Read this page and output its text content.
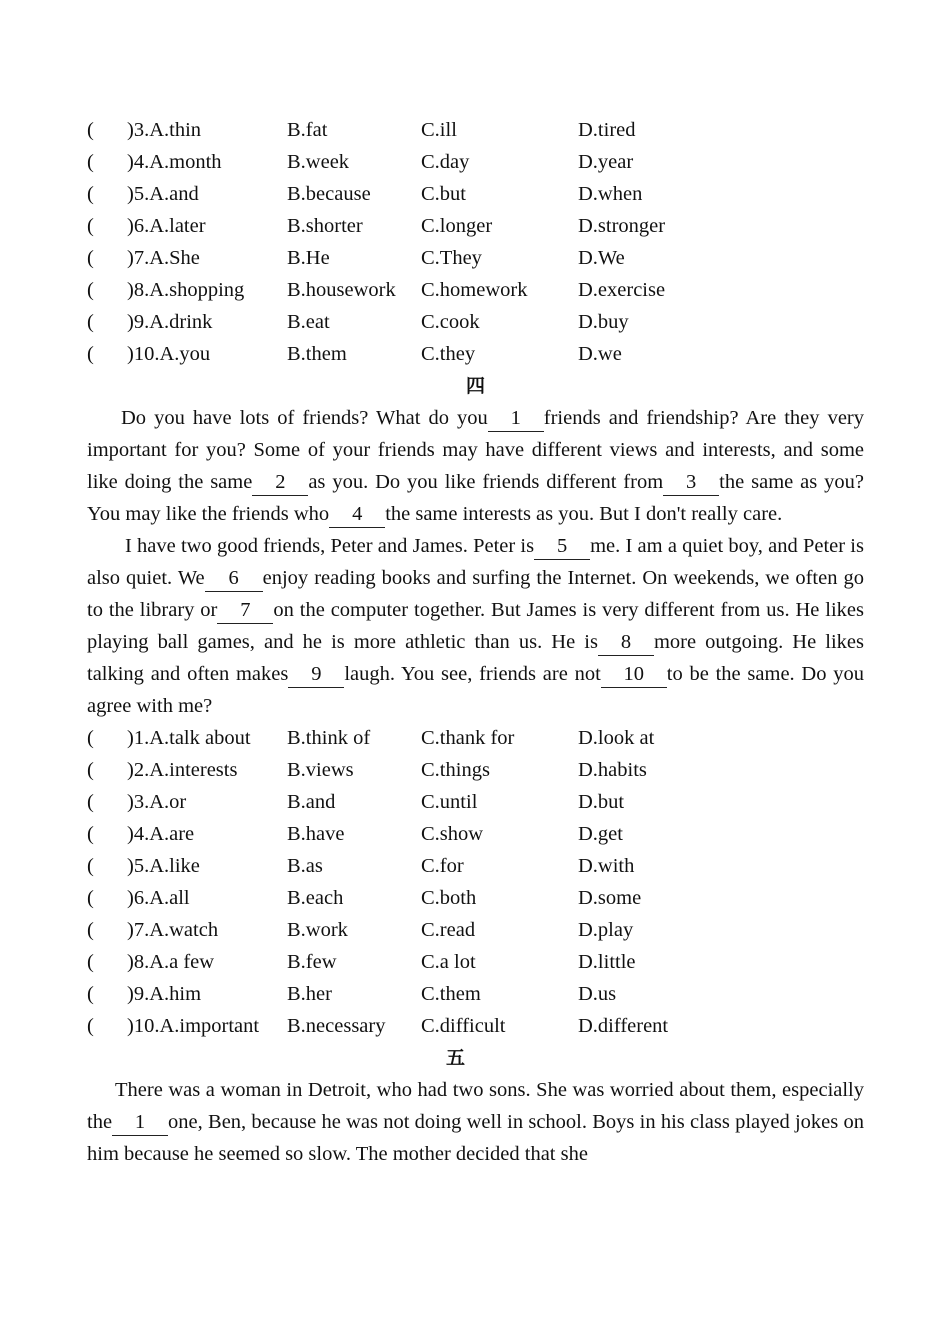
(	)3.A.thin	B.fat	C.ill	D.tired
(	)4.A.month	B.week	C.day	D.year
(	)5.A.and	B.because	C.but	D.when
(	)6.A.later	B.shorter	C.longer	D.stronger
(	)7.A.She	B.He	C.They	D.We
(	)8.A.shopping	B.housework	C.homework	D.exercise
(	)9.A.drink	B.eat	C.cook	D.buy
(	)10.A.you	B.them	C.they	D.we
四

Do you have lots of friends? What do you 1 friends and friendship? Are they very important for you? Some of your friends may have different views and interests, and some like doing the same 2 as you. Do you like friends different from 3 the same as you? You may like the friends who 4 the same interests as you. But I don't really care.

I have two good friends, Peter and James. Peter is 5 me. I am a quiet boy, and Peter is also quiet. We 6 enjoy reading books and surfing the Internet. On weekends, we often go to the library or 7 on the computer together. But James is very different from us. He likes playing ball games, and he is more athletic than us. He is 8 more outgoing. He likes talking and often makes 9 laugh. You see, friends are not 10 to be the same. Do you agree with me?

(	)1.A.talk about	B.think of	C.thank for	D.look at
(	)2.A.interests	B.views	C.things	D.habits
(	)3.A.or	B.and	C.until	D.but
(	)4.A.are	B.have	C.show	D.get
(	)5.A.like	B.as	C.for	D.with
(	)6.A.all	B.each	C.both	D.some
(	)7.A.watch	B.work	C.read	D.play
(	)8.A.a few	B.few	C.a lot	D.little
(	)9.A.him	B.her	C.them	D.us
(	)10.A.important	B.necessary	C.difficult	D.different
五

There was a woman in Detroit, who had two sons. She was worried about them, especially the 1 one, Ben, because he was not doing well in school. Boys in his class played jokes on him because he seemed so slow. The mother decided that she
